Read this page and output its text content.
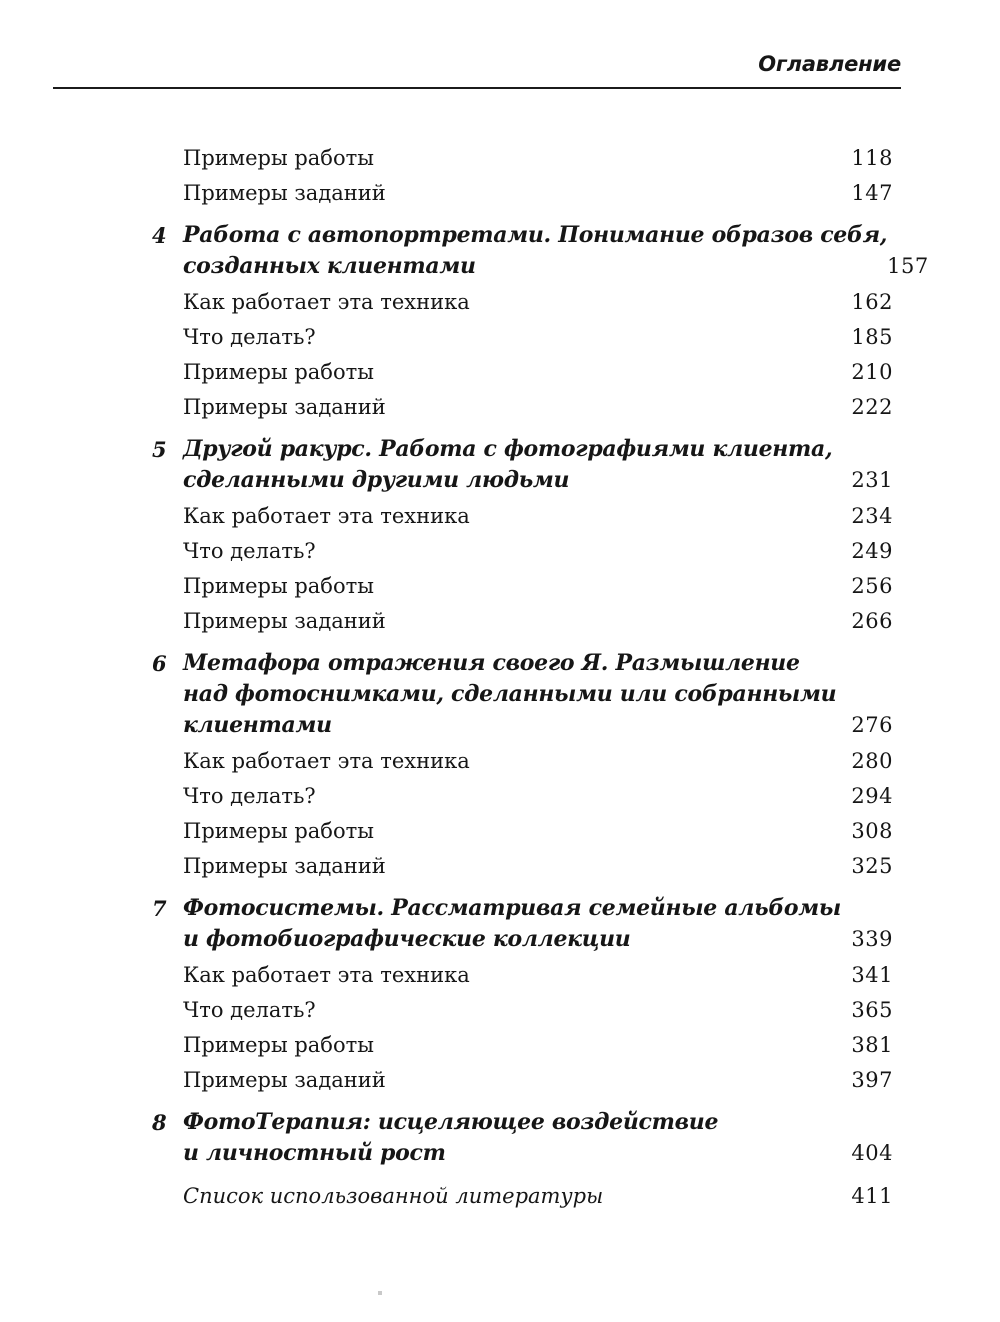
Оглавление
Примеры работы	118
Примеры заданий	147
4 Работа с автопортретами. Понимание образов себя,
созданных клиентами	157
Как работает эта техника	162
Что делать?	185
Примеры работы	210
Примеры заданий	222
5 Другой ракурс. Работа с фотографиями клиента,
сделанными другими людьми	231
Как работает эта техника	234
Что делать?	249
Примеры работы	256
Примеры заданий	266
6 Метафора отражения своего Я. Размышление
над фотоснимками, сделанными или собранными
клиентами	276
Как работает эта техника	280
Что делать?	294
Примеры работы	308
Примеры заданий	325
7 Фотосистемы. Рассматривая семейные альбомы
и фотобиографические коллекции	339
Как работает эта техника	341
Что делать?	365
Примеры работы	381
Примеры заданий	397
8 ФотоТерапия: исцеляющее воздействие
и личностный рост	404
Список использованной литературы	411
